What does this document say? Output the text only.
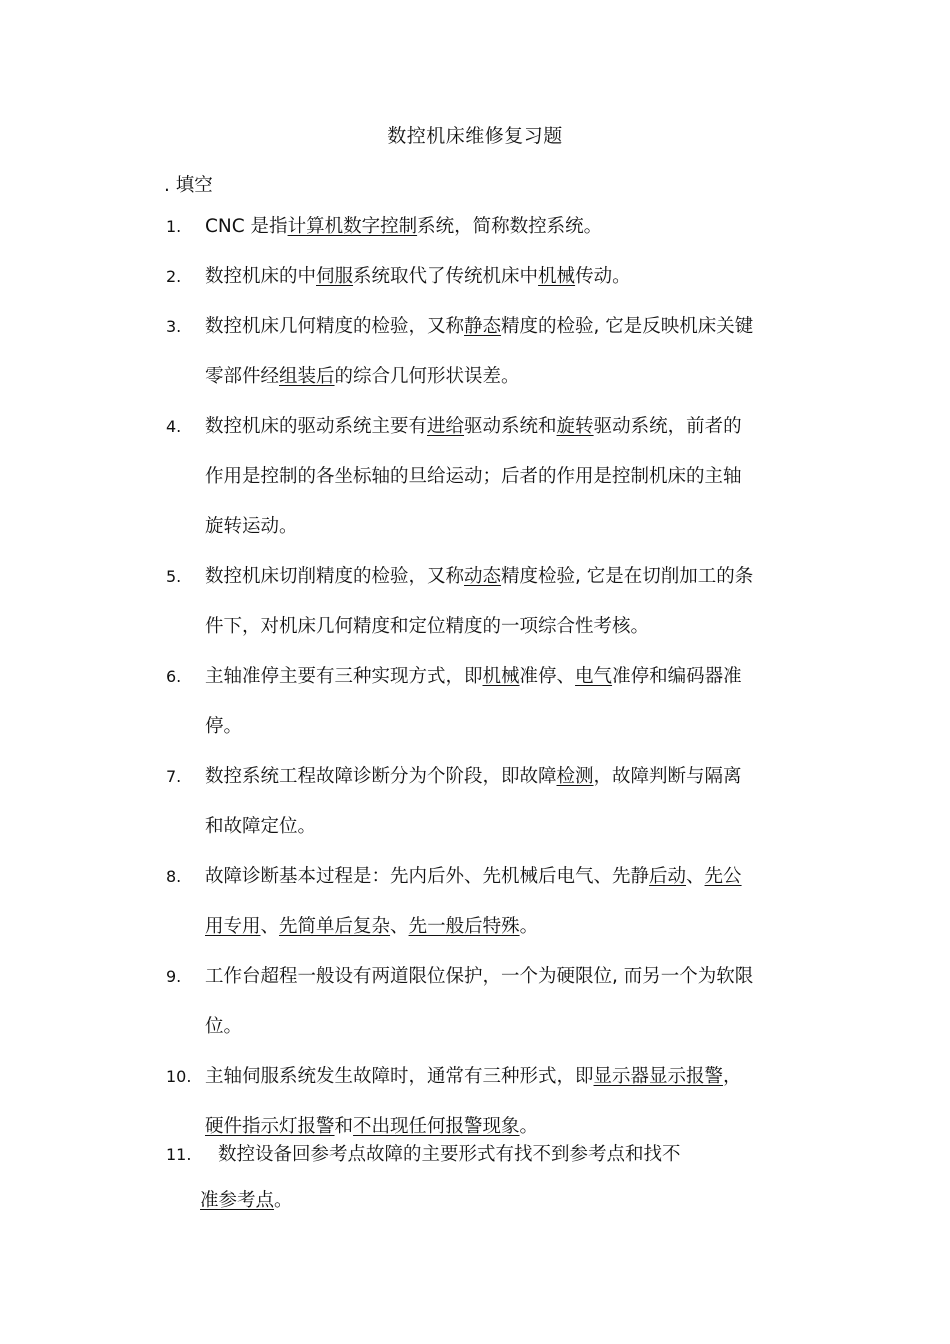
数控机床维修复习题
. 填空
1.	CNC 是指计算机数字控制系统，简称数控系统。
2.	数控机床的中伺服系统取代了传统机床中机械传动。
3.	数控机床几何精度的检验，又称静态精度的检验, 它是反映机床关键
零部件经组装后的综合几何形状误差。
4.	数控机床的驱动系统主要有进给驱动系统和旋转驱动系统，前者的
作用是控制的各坐标轴的旦给运动；后者的作用是控制机床的主轴
旋转运动。
5.	数控机床切削精度的检验，又称动态精度检验, 它是在切削加工的条
件下，对机床几何精度和定位精度的一项综合性考核。
6.	主轴准停主要有三种实现方式，即机械准停、电气准停和编码器准
停。
7.	数控系统工程故障诊断分为个阶段，即故障检测，故障判断与隔离
和故障定位。
8.	故障诊断基本过程是：先内后外、先机械后电气、先静后动、先公
用专用、先简单后复杂、先一般后特殊。
9.	工作台超程一般设有两道限位保护，一个为硬限位, 而另一个为软限
位。
10. 主轴伺服系统发生故障时，通常有三种形式，即显示器显示报警，
硬件指示灯报警和不出现任何报警现象。
11. 数控设备回参考点故障的主要形式有找不到参考点和找不
准参考点。
